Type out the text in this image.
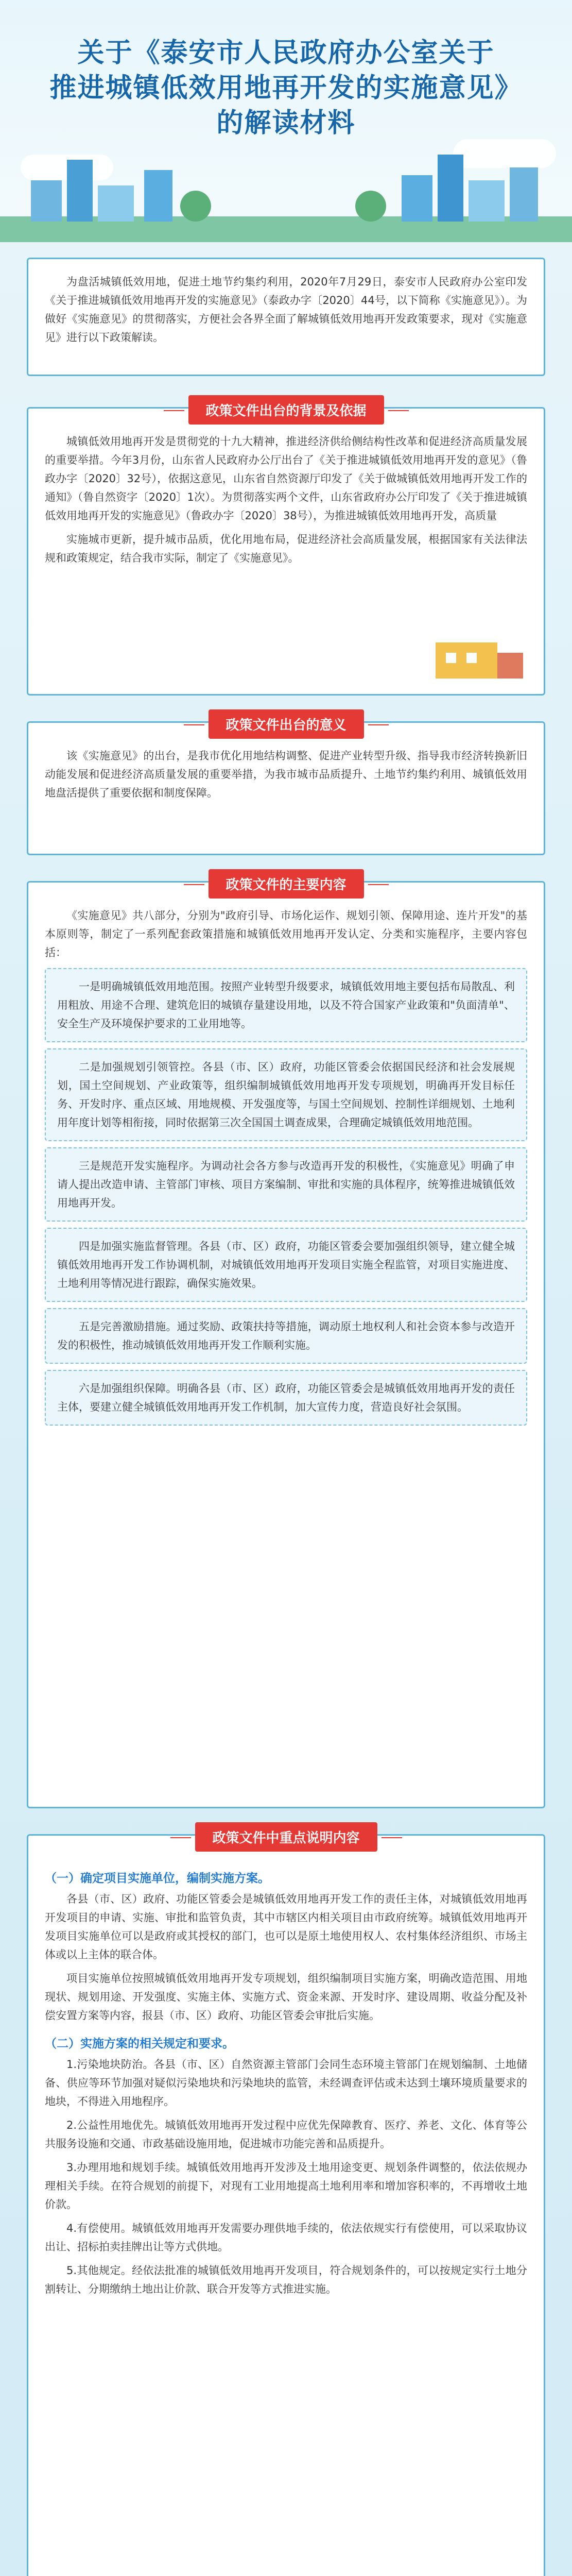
关于《泰安市人民政府办公室关于
推进城镇低效用地再开发的实施意见》
的解读材料

为盘活城镇低效用地，促进土地节约集约利用，2020年7月29日，泰安市人民政府办公室印发《关于推进城镇低效用地再开发的实施意见》（泰政办字〔2020〕44号，以下简称《实施意见》）。为做好《实施意见》的贯彻落实，方便社会各界全面了解城镇低效用地再开发政策要求，现对《实施意见》进行以下政策解读。

政策文件出台的背景及依据

城镇低效用地再开发是贯彻党的十九大精神，推进经济供给侧结构性改革和促进经济高质量发展的重要举措。今年3月份，山东省人民政府办公厅出台了《关于推进城镇低效用地再开发的意见》（鲁政办字〔2020〕32号），依据这意见，山东省自然资源厅印发了《关于做城镇低效用地再开发工作的通知》（鲁自然资字〔2020〕1次）。为贯彻落实两个文件，山东省政府办公厅印发了《关于推进城镇低效用地再开发的实施意见》（鲁政办字〔2020〕38号），为推进城镇低效用地再开发，高质量

实施城市更新，提升城市品质，优化用地布局，促进经济社会高质量发展，根据国家有关法律法规和政策规定，结合我市实际，制定了《实施意见》。

政策文件出台的意义

该《实施意见》的出台，是我市优化用地结构调整、促进产业转型升级、指导我市经济转换新旧动能发展和促进经济高质量发展的重要举措，为我市城市品质提升、土地节约集约利用、城镇低效用地盘活提供了重要依据和制度保障。

政策文件的主要内容

《实施意见》共八部分，分别为"政府引导、市场化运作、规划引领、保障用途、连片开发"的基本原则等，制定了一系列配套政策措施和城镇低效用地再开发认定、分类和实施程序，主要内容包括：

一是明确城镇低效用地范围。按照产业转型升级要求，城镇低效用地主要包括布局散乱、利用粗放、用途不合理、建筑危旧的城镇存量建设用地，以及不符合国家产业政策和"负面清单"、安全生产及环境保护要求的工业用地等。

二是加强规划引领管控。各县（市、区）政府，功能区管委会依据国民经济和社会发展规划，国土空间规划、产业政策等，组织编制城镇低效用地再开发专项规划，明确再开发目标任务、开发时序、重点区域、用地规模、开发强度等，与国土空间规划、控制性详细规划、土地利用年度计划等相衔接，同时依据第三次全国国土调查成果，合理确定城镇低效用地范围。

三是规范开发实施程序。为调动社会各方参与改造再开发的积极性，《实施意见》明确了申请人提出改造申请、主管部门审核、项目方案编制、审批和实施的具体程序，统筹推进城镇低效用地再开发。

四是加强实施监督管理。各县（市、区）政府，功能区管委会要加强组织领导，建立健全城镇低效用地再开发工作协调机制，对城镇低效用地再开发项目实施全程监管，对项目实施进度、土地利用等情况进行跟踪，确保实施效果。

五是完善激励措施。通过奖励、政策扶持等措施，调动原土地权利人和社会资本参与改造开发的积极性，推动城镇低效用地再开发工作顺利实施。

六是加强组织保障。明确各县（市、区）政府，功能区管委会是城镇低效用地再开发的责任主体，要建立健全城镇低效用地再开发工作机制，加大宣传力度，营造良好社会氛围。

政策文件中重点说明内容
（一）确定项目实施单位，编制实施方案。

各县（市、区）政府、功能区管委会是城镇低效用地再开发工作的责任主体，对城镇低效用地再开发项目的申请、实施、审批和监管负责，其中市辖区内相关项目由市政府统筹。城镇低效用地再开发项目实施单位可以是政府或其授权的部门，也可以是原土地使用权人、农村集体经济组织、市场主体或以上主体的联合体。

项目实施单位按照城镇低效用地再开发专项规划，组织编制项目实施方案，明确改造范围、用地现状、规划用途、开发强度、实施主体、实施方式、资金来源、开发时序、建设周期、收益分配及补偿安置方案等内容，报县（市、区）政府、功能区管委会审批后实施。

（二）实施方案的相关规定和要求。

1.污染地块防治。各县（市、区）自然资源主管部门会同生态环境主管部门在规划编制、土地储备、供应等环节加强对疑似污染地块和污染地块的监管，未经调查评估或未达到土壤环境质量要求的地块，不得进入用地程序。

2.公益性用地优先。城镇低效用地再开发过程中应优先保障教育、医疗、养老、文化、体育等公共服务设施和交通、市政基础设施用地，促进城市功能完善和品质提升。

3.办理用地和规划手续。城镇低效用地再开发涉及土地用途变更、规划条件调整的，依法依规办理相关手续。在符合规划的前提下，对现有工业用地提高土地利用率和增加容积率的，不再增收土地价款。

4.有偿使用。城镇低效用地再开发需要办理供地手续的，依法依规实行有偿使用，可以采取协议出让、招标拍卖挂牌出让等方式供地。

5.其他规定。经依法批准的城镇低效用地再开发项目，符合规划条件的，可以按规定实行土地分割转让、分期缴纳土地出让价款、联合开发等方式推进实施。
